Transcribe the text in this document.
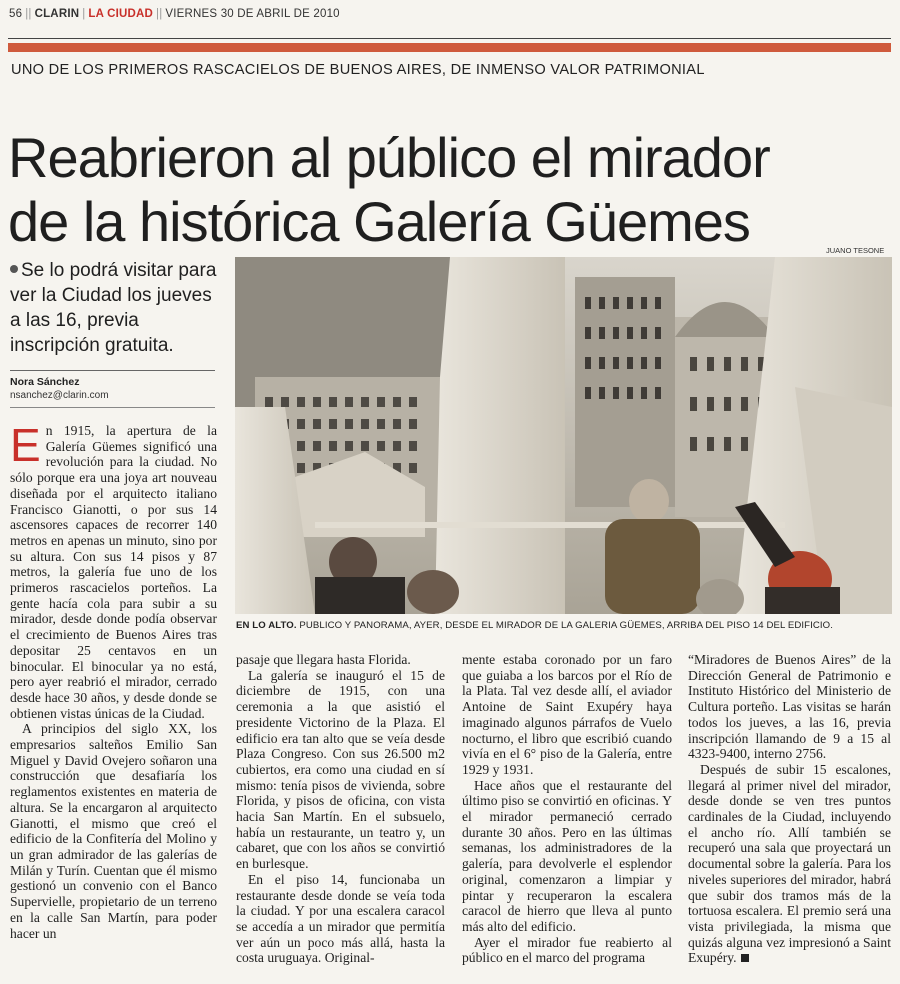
56 || CLARIN | LA CIUDAD || VIERNES 30 DE ABRIL DE 2010
UNO DE LOS PRIMEROS RASCACIELOS DE BUENOS AIRES, DE INMENSO VALOR PATRIMONIAL
Reabrieron al público el mirador
de la histórica Galería Güemes	JUANO TESONE
Se lo podrá visitar para ver la Ciudad los jueves a las 16, previa inscripción gratuita.
Nora Sánchez
nsanchez@clarin.com
EN LO ALTO. PUBLICO Y PANORAMA, AYER, DESDE EL MIRADOR DE LA GALERIA GÜEMES, ARRIBA DEL PISO 14 DEL EDIFICIO.

En 1915, la apertura de la Galería Güemes significó una revolución para la ciudad. No sólo porque era una joya art nouveau diseñada por el arquitecto italiano Francisco Gianotti, o por sus 14 ascensores capaces de recorrer 140 metros en apenas un minuto, sino por su altura. Con sus 14 pisos y 87 metros, la galería fue uno de los primeros rascacielos porteños. La gente hacía cola para subir a su mirador, desde donde podía observar el crecimiento de Buenos Aires tras depositar 25 centavos en un binocular. El binocular ya no está, pero ayer reabrió el mirador, cerrado desde hace 30 años, y desde donde se obtienen vistas únicas de la Ciudad.

A principios del siglo XX, los empresarios salteños Emilio San Miguel y David Ovejero soñaron una construcción que desafiaría los reglamentos existentes en materia de altura. Se la encargaron al arquitecto Gianotti, el mismo que creó el edificio de la Confitería del Molino y un gran admirador de las galerías de Milán y Turín. Cuentan que él mismo gestionó un convenio con el Banco Supervielle, propietario de un terreno en la calle San Martín, para poder hacer un

pasaje que llegara hasta Florida.

La galería se inauguró el 15 de diciembre de 1915, con una ceremonia a la que asistió el presidente Victorino de la Plaza. El edificio era tan alto que se veía desde Plaza Congreso. Con sus 26.500 m2 cubiertos, era como una ciudad en sí mismo: tenía pisos de vivienda, sobre Florida, y pisos de oficina, con vista hacia San Martín. En el subsuelo, había un restaurante, un teatro y, un cabaret, que con los años se convirtió en burlesque.

En el piso 14, funcionaba un restaurante desde donde se veía toda la ciudad. Y por una escalera caracol se accedía a un mirador que permitía ver aún un poco más allá, hasta la costa uruguaya. Original-

mente estaba coronado por un faro que guiaba a los barcos por el Río de la Plata. Tal vez desde allí, el aviador Antoine de Saint Exupéry haya imaginado algunos párrafos de Vuelo nocturno, el libro que escribió cuando vivía en el 6° piso de la Galería, entre 1929 y 1931.

Hace años que el restaurante del último piso se convirtió en oficinas. Y el mirador permaneció cerrado durante 30 años. Pero en las últimas semanas, los administradores de la galería, para devolverle el esplendor original, comenzaron a limpiar y pintar y recuperaron la escalera caracol de hierro que lleva al punto más alto del edificio.

Ayer el mirador fue reabierto al público en el marco del programa

“Miradores de Buenos Aires” de la Dirección General de Patrimonio e Instituto Histórico del Ministerio de Cultura porteño. Las visitas se harán todos los jueves, a las 16, previa inscripción llamando de 9 a 15 al 4323-9400, interno 2756.

Después de subir 15 escalones, llegará al primer nivel del mirador, desde donde se ven tres puntos cardinales de la Ciudad, incluyendo el ancho río. Allí también se recuperó una sala que proyectará un documental sobre la galería. Para los niveles superiores del mirador, habrá que subir dos tramos más de la tortuosa escalera. El premio será una vista privilegiada, la misma que quizás alguna vez impresionó a Saint Exupéry.
